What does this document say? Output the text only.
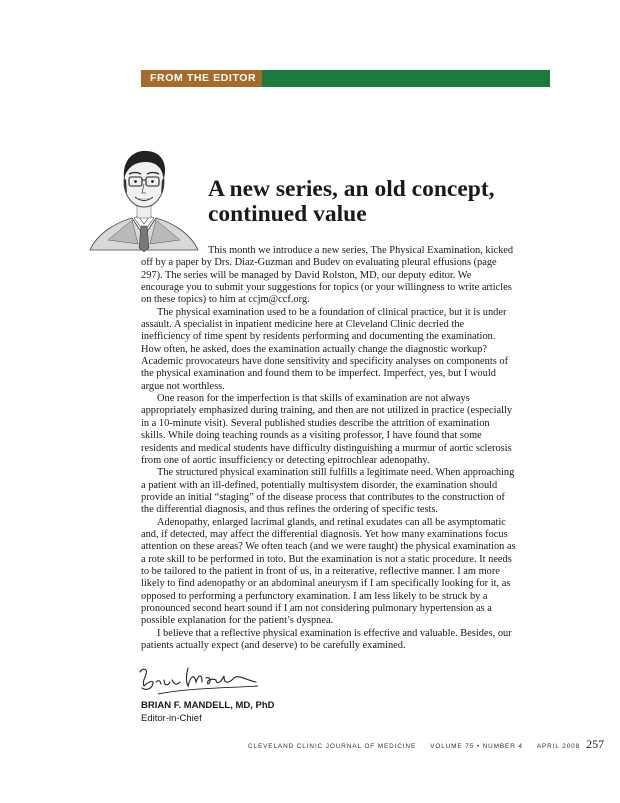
FROM THE EDITOR
A new series, an old concept, continued value

This month we introduce a new series, The Physical Examination, kicked off by a paper by Drs. Diaz-Guzman and Budev on evaluating pleural effusions (page 297). The series will be managed by David Rolston, MD, our deputy editor. We encourage you to submit your suggestions for topics (or your willingness to write articles on these topics) to him at ccjm@ccf.org.

The physical examination used to be a foundation of clinical practice, but it is under assault. A specialist in inpatient medicine here at Cleveland Clinic decried the inefficiency of time spent by residents performing and documenting the examination. How often, he asked, does the examination actually change the diagnostic workup? Academic provocateurs have done sensitivity and specificity analyses on components of the physical examination and found them to be imperfect. Imperfect, yes, but I would argue not worthless.

One reason for the imperfection is that skills of examination are not always appropriately emphasized during training, and then are not utilized in practice (especially in a 10-minute visit). Several published studies describe the attrition of examination skills. While doing teaching rounds as a visiting professor, I have found that some residents and medical students have difficulty distinguishing a murmur of aortic sclerosis from one of aortic insufficiency or detecting epitrochlear adenopathy.

The structured physical examination still fulfills a legitimate need. When approaching a patient with an ill-defined, potentially multisystem disorder, the examination should provide an initial “staging” of the disease process that contributes to the construction of the differential diagnosis, and thus refines the ordering of specific tests.

Adenopathy, enlarged lacrimal glands, and retinal exudates can all be asymptomatic and, if detected, may affect the differential diagnosis. Yet how many examinations focus attention on these areas? We often teach (and we were taught) the physical examination as a rote skill to be performed in toto. But the examination is not a static procedure. It needs to be tailored to the patient in front of us, in a reiterative, reflective manner. I am more likely to find adenopathy or an abdominal aneurysm if I am specifically looking for it, as opposed to performing a perfunctory examination. I am less likely to be struck by a pronounced second heart sound if I am not considering pulmonary hypertension as a possible explanation for the patient’s dyspnea.

I believe that a reflective physical examination is effective and valuable. Besides, our patients actually expect (and deserve) to be carefully examined.

BRIAN F. MANDELL, MD, PhD
Editor-in-Chief
CLEVELAND CLINIC JOURNAL OF MEDICINE VOLUME 75 • NUMBER 4 APRIL 2008 257
